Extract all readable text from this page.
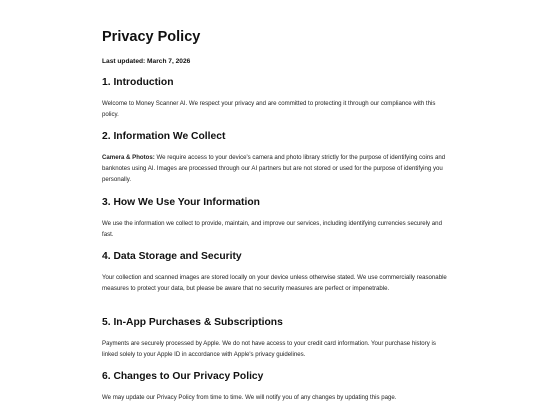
Privacy Policy
Last updated: March 7, 2026
1. Introduction

Welcome to Money Scanner AI. We respect your privacy and are committed to protecting it through our compliance with this policy.

2. Information We Collect

Camera & Photos: We require access to your device's camera and photo library strictly for the purpose of identifying coins and banknotes using AI. Images are processed through our AI partners but are not stored or used for the purpose of identifying you personally.

3. How We Use Your Information

We use the information we collect to provide, maintain, and improve our services, including identifying currencies securely and fast.

4. Data Storage and Security

Your collection and scanned images are stored locally on your device unless otherwise stated. We use commercially reasonable measures to protect your data, but please be aware that no security measures are perfect or impenetrable.

5. In-App Purchases & Subscriptions

Payments are securely processed by Apple. We do not have access to your credit card information. Your purchase history is linked solely to your Apple ID in accordance with Apple's privacy guidelines.

6. Changes to Our Privacy Policy

We may update our Privacy Policy from time to time. We will notify you of any changes by updating this page.
